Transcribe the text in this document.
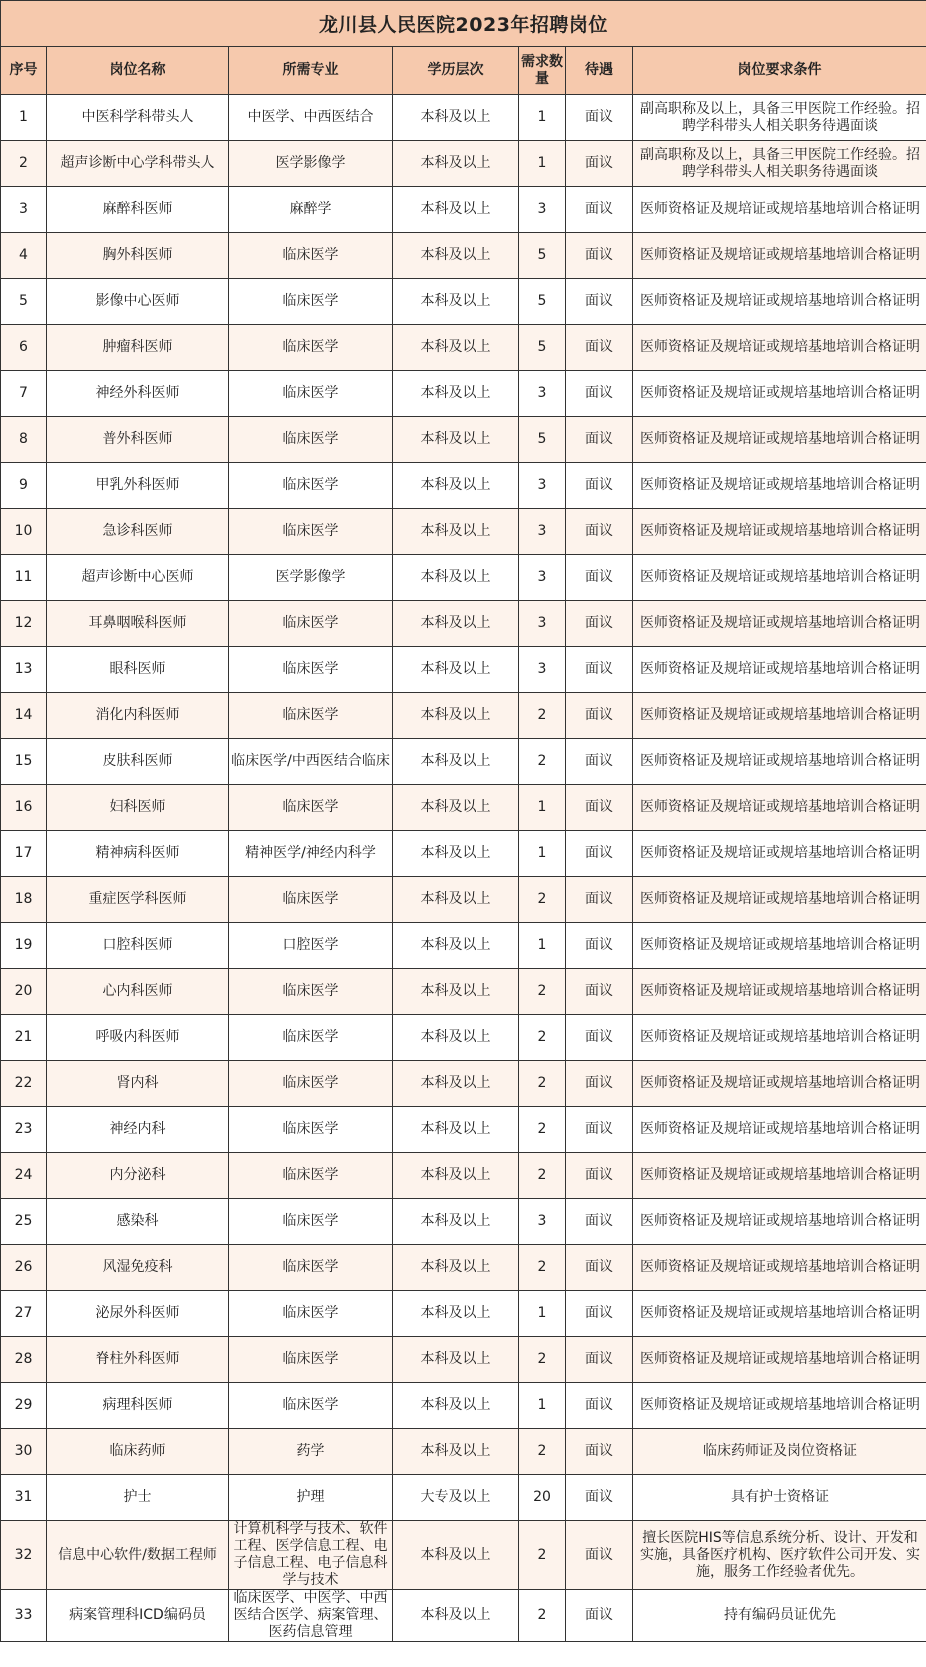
龙川县人民医院2023年招聘岗位						
序号	岗位名称	所需专业	学历层次	需求数量	待遇	岗位要求条件
1	中医科学科带头人	中医学、中西医结合	本科及以上	1	面议	副高职称及以上，具备三甲医院工作经验。招聘学科带头人相关职务待遇面谈
2	超声诊断中心学科带头人	医学影像学	本科及以上	1	面议	副高职称及以上，具备三甲医院工作经验。招聘学科带头人相关职务待遇面谈
3	麻醉科医师	麻醉学	本科及以上	3	面议	医师资格证及规培证或规培基地培训合格证明
4	胸外科医师	临床医学	本科及以上	5	面议	医师资格证及规培证或规培基地培训合格证明
5	影像中心医师	临床医学	本科及以上	5	面议	医师资格证及规培证或规培基地培训合格证明
6	肿瘤科医师	临床医学	本科及以上	5	面议	医师资格证及规培证或规培基地培训合格证明
7	神经外科医师	临床医学	本科及以上	3	面议	医师资格证及规培证或规培基地培训合格证明
8	普外科医师	临床医学	本科及以上	5	面议	医师资格证及规培证或规培基地培训合格证明
9	甲乳外科医师	临床医学	本科及以上	3	面议	医师资格证及规培证或规培基地培训合格证明
10	急诊科医师	临床医学	本科及以上	3	面议	医师资格证及规培证或规培基地培训合格证明
11	超声诊断中心医师	医学影像学	本科及以上	3	面议	医师资格证及规培证或规培基地培训合格证明
12	耳鼻咽喉科医师	临床医学	本科及以上	3	面议	医师资格证及规培证或规培基地培训合格证明
13	眼科医师	临床医学	本科及以上	3	面议	医师资格证及规培证或规培基地培训合格证明
14	消化内科医师	临床医学	本科及以上	2	面议	医师资格证及规培证或规培基地培训合格证明
15	皮肤科医师	临床医学/中西医结合临床	本科及以上	2	面议	医师资格证及规培证或规培基地培训合格证明
16	妇科医师	临床医学	本科及以上	1	面议	医师资格证及规培证或规培基地培训合格证明
17	精神病科医师	精神医学/神经内科学	本科及以上	1	面议	医师资格证及规培证或规培基地培训合格证明
18	重症医学科医师	临床医学	本科及以上	2	面议	医师资格证及规培证或规培基地培训合格证明
19	口腔科医师	口腔医学	本科及以上	1	面议	医师资格证及规培证或规培基地培训合格证明
20	心内科医师	临床医学	本科及以上	2	面议	医师资格证及规培证或规培基地培训合格证明
21	呼吸内科医师	临床医学	本科及以上	2	面议	医师资格证及规培证或规培基地培训合格证明
22	肾内科	临床医学	本科及以上	2	面议	医师资格证及规培证或规培基地培训合格证明
23	神经内科	临床医学	本科及以上	2	面议	医师资格证及规培证或规培基地培训合格证明
24	内分泌科	临床医学	本科及以上	2	面议	医师资格证及规培证或规培基地培训合格证明
25	感染科	临床医学	本科及以上	3	面议	医师资格证及规培证或规培基地培训合格证明
26	风湿免疫科	临床医学	本科及以上	2	面议	医师资格证及规培证或规培基地培训合格证明
27	泌尿外科医师	临床医学	本科及以上	1	面议	医师资格证及规培证或规培基地培训合格证明
28	脊柱外科医师	临床医学	本科及以上	2	面议	医师资格证及规培证或规培基地培训合格证明
29	病理科医师	临床医学	本科及以上	1	面议	医师资格证及规培证或规培基地培训合格证明
30	临床药师	药学	本科及以上	2	面议	临床药师证及岗位资格证
31	护士	护理	大专及以上	20	面议	具有护士资格证
32	信息中心软件/数据工程师	计算机科学与技术、软件工程、医学信息工程、电子信息工程、电子信息科学与技术	本科及以上	2	面议	擅长医院HIS等信息系统分析、设计、开发和实施，具备医疗机构、医疗软件公司开发、实施，服务工作经验者优先。
33	病案管理科ICD编码员	临床医学、中医学、中西医结合医学、病案管理、医药信息管理	本科及以上	2	面议	持有编码员证优先
